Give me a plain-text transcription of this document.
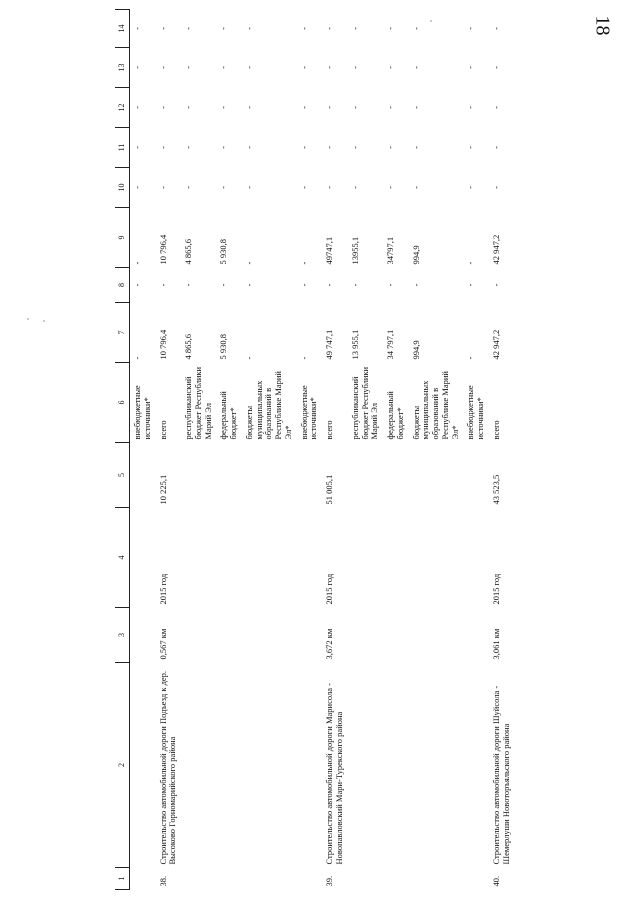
18
1	2	3	4	5	6	7	8	9	10	11	12	13	14
					внебюджетные источники*	-	-	-	-	-	-	-	-
38.	Строительство автомобильной дороги Подъезд к дер. Высоково Горномарийского района	0,567 км	2015 год	10 225,1	всего	10 796,4	-	10 796,4	-	-	-	-	-
					республиканский бюджет Республики Марий Эл	4 865,6	-	4 865,6	-	-	-	-	-
					федеральный бюджет*	5 930,8	-	5 930,8	-	-	-	-	-
					бюджеты муниципальных образований в Республике Марий Эл*	-	-	-	-	-	-	-	-
					внебюджетные источники*	-	-	-	-	-	-	-	-
39.	Строительство автомобильной дороги Марисола - Новопавловский Мари-Турекского района	3,672 км	2015 год	51 005,1	всего	49 747,1	-	49747,1	-	-	-	-	-
					республиканский бюджет Республики Марий Эл	13 955,1	-	13955,1	-	-	-	-	-
					федеральный бюджет*	34 797,1	-	34797,1	-	-	-	-	-
					бюджеты муниципальных образований в Республике Марий Эл*	994,9	-	994,9	-	-	-	-	-
					внебюджетные источники*	-	-	-	-	-	-	-	-
40.	Строительство автомобильной дороги Шуйсола - Шемерлуши Новоторъяльского района	3,061 км	2015 год	43 523,5	всего	42 947,2	-	42 947,2	-	-	-	-	-
